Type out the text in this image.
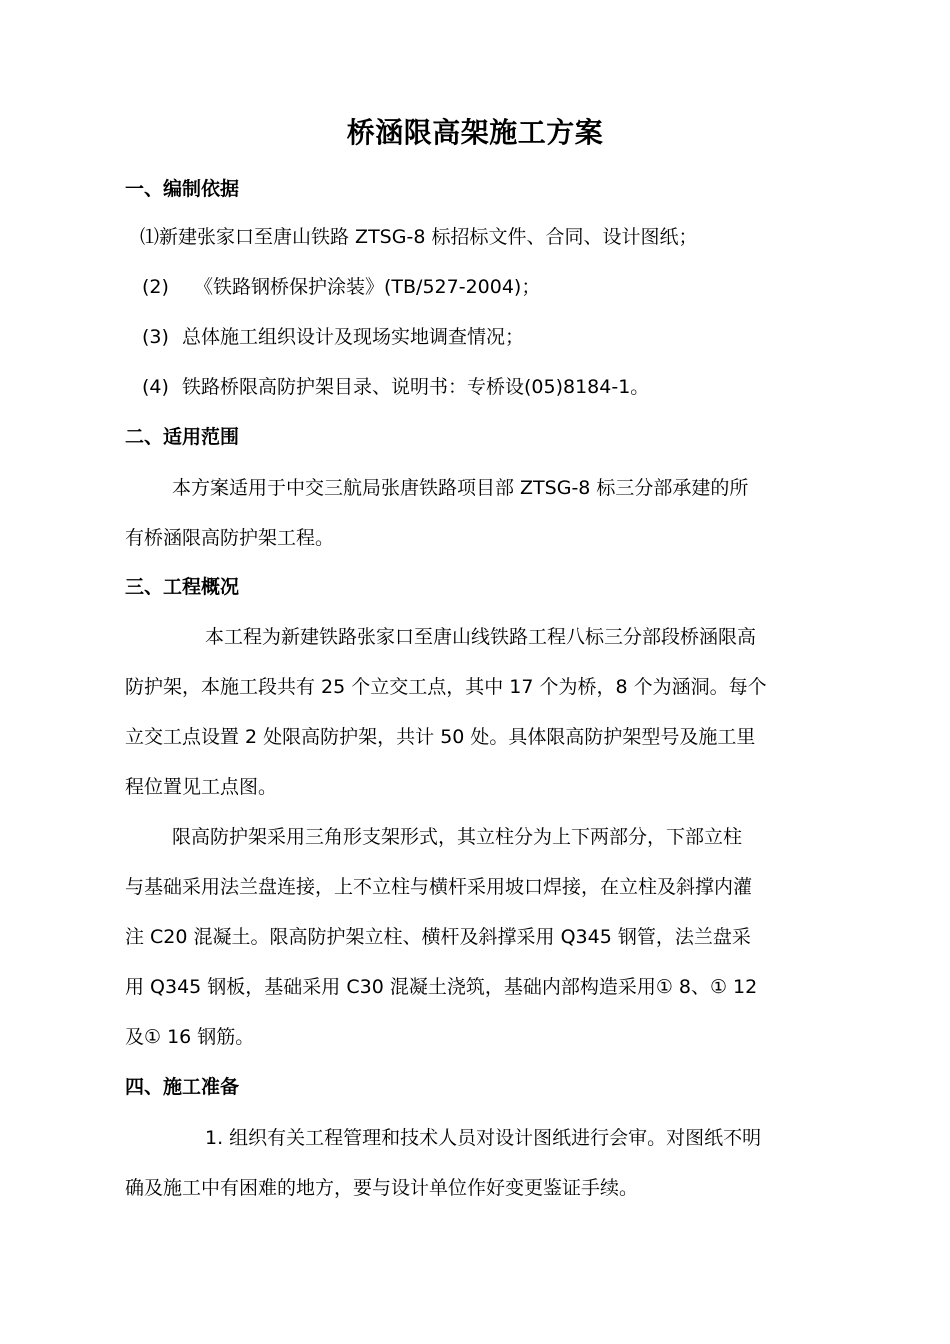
桥涵限高架施工方案
一、编制依据
⑴新建张家口至唐山铁路 ZTSG-8 标招标文件、合同、设计图纸；
(2) 《铁路钢桥保护涂装》(TB/527-2004)；
(3) 总体施工组织设计及现场实地调查情况；
(4) 铁路桥限高防护架目录、说明书：专桥设(05)8184-1。
二、适用范围
本方案适用于中交三航局张唐铁路项目部 ZTSG-8 标三分部承建的所
有桥涵限高防护架工程。
三、工程概况
本工程为新建铁路张家口至唐山线铁路工程八标三分部段桥涵限高
防护架，本施工段共有 25 个立交工点，其中 17 个为桥，8 个为涵洞。每个
立交工点设置 2 处限高防护架，共计 50 处。具体限高防护架型号及施工里
程位置见工点图。
限高防护架采用三角形支架形式，其立柱分为上下两部分，下部立柱
与基础采用法兰盘连接，上不立柱与横杆采用坡口焊接，在立柱及斜撑内灌
注 C20 混凝土。限高防护架立柱、横杆及斜撑采用 Q345 钢管，法兰盘采
用 Q345 钢板，基础采用 C30 混凝土浇筑，基础内部构造采用① 8、① 12
及① 16 钢筋。
四、施工准备
1. 组织有关工程管理和技术人员对设计图纸进行会审。对图纸不明
确及施工中有困难的地方，要与设计单位作好变更鉴证手续。
